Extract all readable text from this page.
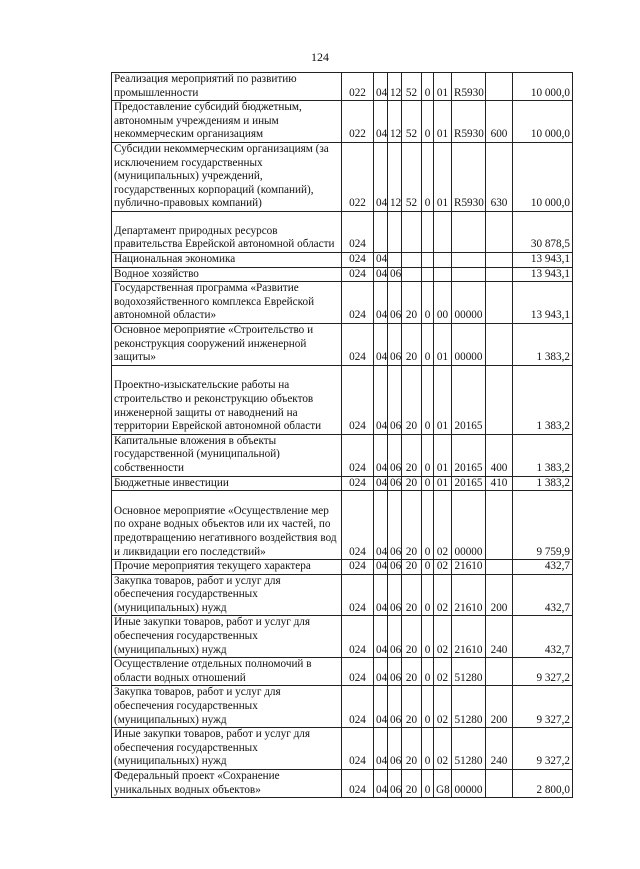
124
Реализация мероприятий по развитию промышленности	022	04	12	52	0	01	R5930		10 000,0
Предоставление субсидий бюджетным, автономным учреждениям и иным некоммерческим организациям	022	04	12	52	0	01	R5930	600	10 000,0
Субсидии некоммерческим организациям (за исключением государственных (муниципальных) учреждений, государственных корпораций (компаний), публично-правовых компаний)	022	04	12	52	0	01	R5930	630	10 000,0
Департамент природных ресурсов правительства Еврейской автономной области	024								30 878,5
Национальная экономика	024	04							13 943,1
Водное хозяйство	024	04	06						13 943,1
Государственная программа «Развитие водохозяйственного комплекса Еврейской автономной области»	024	04	06	20	0	00	00000		13 943,1
Основное мероприятие «Строительство и реконструкция сооружений инженерной защиты»	024	04	06	20	0	01	00000		1 383,2
Проектно-изыскательские работы на строительство и реконструкцию объектов инженерной защиты от наводнений на территории Еврейской автономной области	024	04	06	20	0	01	20165		1 383,2
Капитальные вложения в объекты государственной (муниципальной) собственности	024	04	06	20	0	01	20165	400	1 383,2
Бюджетные инвестиции	024	04	06	20	0	01	20165	410	1 383,2
Основное мероприятие «Осуществление мер по охране водных объектов или их частей, по предотвращению негативного воздействия вод и ликвидации его последствий»	024	04	06	20	0	02	00000		9 759,9
Прочие мероприятия текущего характера	024	04	06	20	0	02	21610		432,7
Закупка товаров, работ и услуг для обеспечения государственных (муниципальных) нужд	024	04	06	20	0	02	21610	200	432,7
Иные закупки товаров, работ и услуг для обеспечения государственных (муниципальных) нужд	024	04	06	20	0	02	21610	240	432,7
Осуществление отдельных полномочий в области водных отношений	024	04	06	20	0	02	51280		9 327,2
Закупка товаров, работ и услуг для обеспечения государственных (муниципальных) нужд	024	04	06	20	0	02	51280	200	9 327,2
Иные закупки товаров, работ и услуг для обеспечения государственных (муниципальных) нужд	024	04	06	20	0	02	51280	240	9 327,2
Федеральный проект «Сохранение уникальных водных объектов»	024	04	06	20	0	G8	00000		2 800,0
